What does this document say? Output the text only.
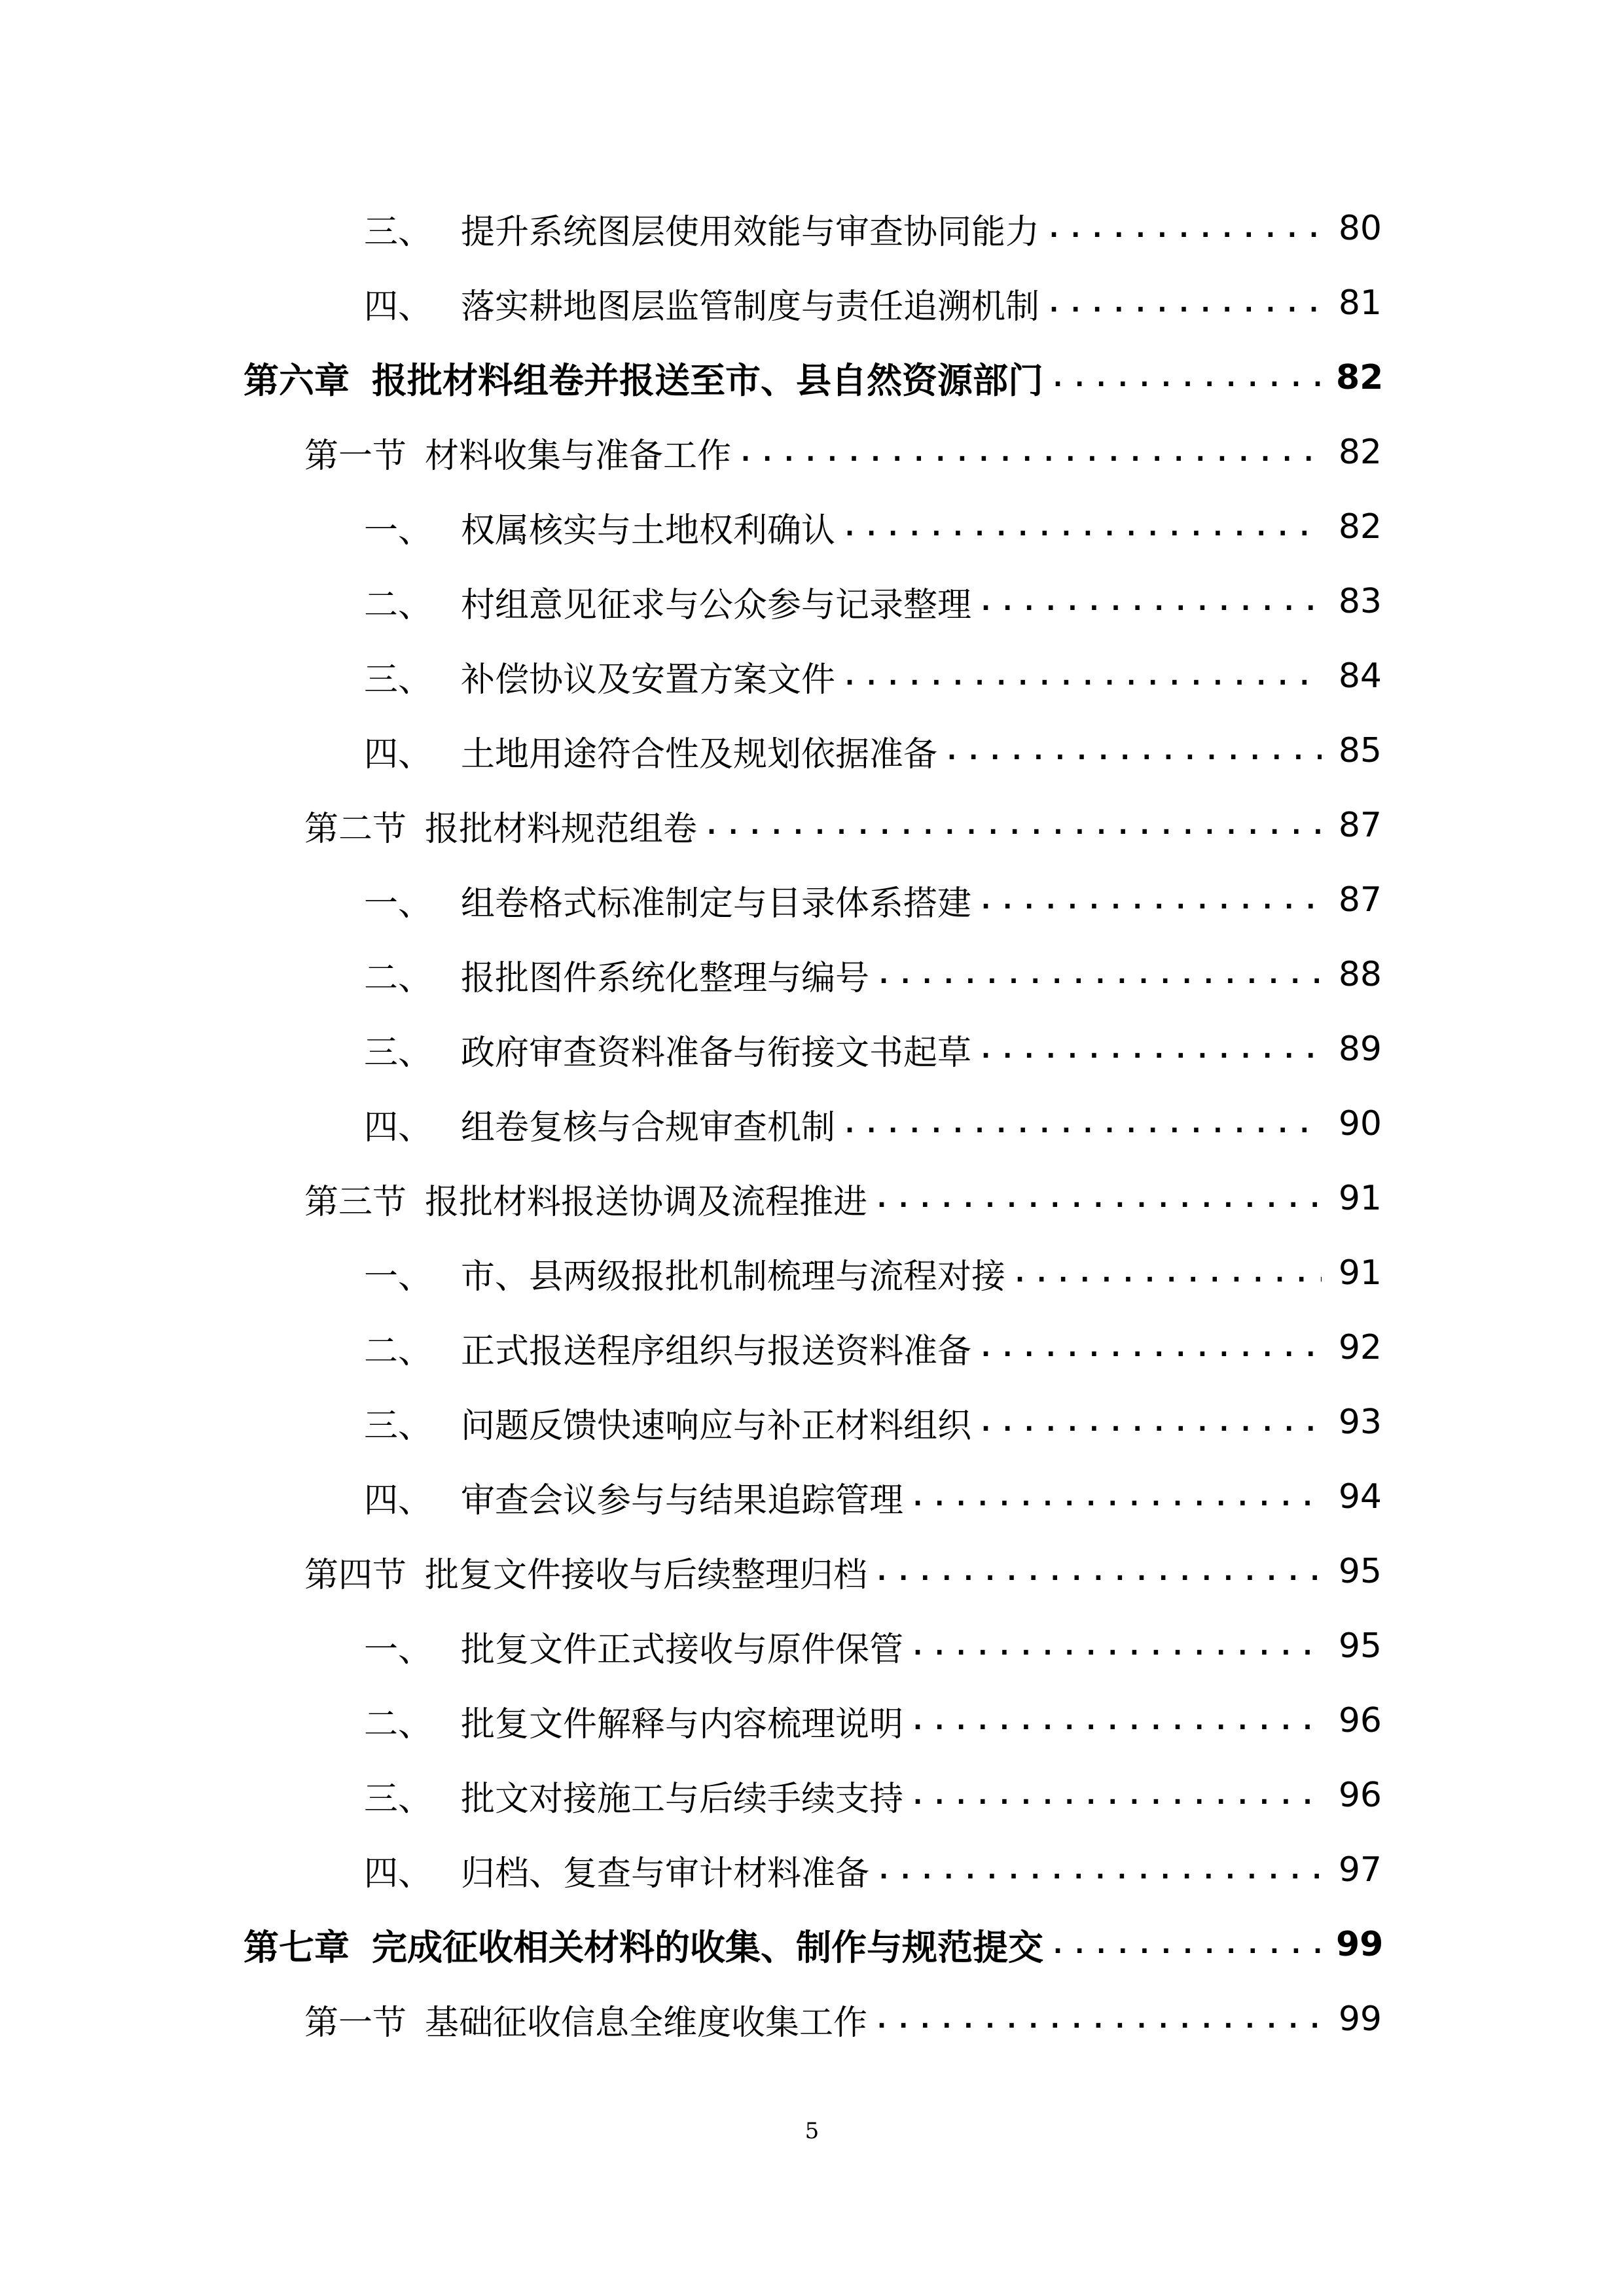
三、 提升系统图层使用效能与审查协同能力 .....	80
四、 落实耕地图层监管制度与责任追溯机制 .....	81
第六章 报批材料组卷并报送至市、县自然资源部门 .....	82
第一节 材料收集与准备工作 .....	82
一、 权属核实与土地权利确认 .....	82
二、 村组意见征求与公众参与记录整理 .....	83
三、 补偿协议及安置方案文件 .....	84
四、 土地用途符合性及规划依据准备 .....	85
第二节 报批材料规范组卷 .....	87
一、 组卷格式标准制定与目录体系搭建 .....	87
二、 报批图件系统化整理与编号 .....	88
三、 政府审查资料准备与衔接文书起草 .....	89
四、 组卷复核与合规审查机制 .....	90
第三节 报批材料报送协调及流程推进 .....	91
一、 市、县两级报批机制梳理与流程对接 .....	91
二、 正式报送程序组织与报送资料准备 .....	92
三、 问题反馈快速响应与补正材料组织 .....	93
四、 审查会议参与与结果追踪管理 .....	94
第四节 批复文件接收与后续整理归档 .....	95
一、 批复文件正式接收与原件保管 .....	95
二、 批复文件解释与内容梳理说明 .....	96
三、 批文对接施工与后续手续支持 .....	96
四、 归档、复查与审计材料准备 .....	97
第七章 完成征收相关材料的收集、制作与规范提交 .....	99
第一节 基础征收信息全维度收集工作 .....	99
5
